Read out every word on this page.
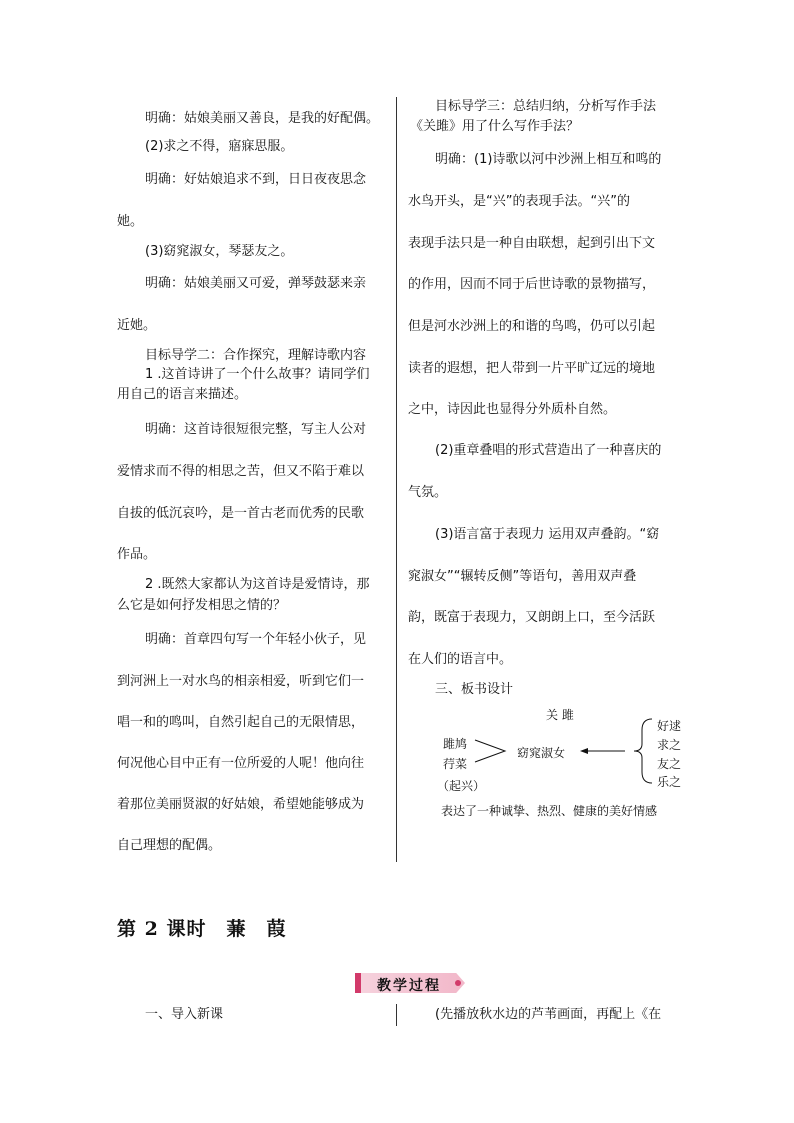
明确：姑娘美丽又善良，是我的好配偶。
(2)求之不得，寤寐思服。
明确：好姑娘追求不到，日日夜夜思念
她。
(3)窈窕淑女，琴瑟友之。
明确：姑娘美丽又可爱，弹琴鼓瑟来亲
近她。
目标导学二：合作探究，理解诗歌内容
1 .这首诗讲了一个什么故事？请同学们
用自己的语言来描述。
明确：这首诗很短很完整，写主人公对
爱情求而不得的相思之苦，但又不陷于难以
自拔的低沉哀吟，是一首古老而优秀的民歌
作品。
2 .既然大家都认为这首诗是爱情诗，那
么它是如何抒发相思之情的？
明确：首章四句写一个年轻小伙子，见
到河洲上一对水鸟的相亲相爱，听到它们一
唱一和的鸣叫，自然引起自己的无限情思，
何况他心目中正有一位所爱的人呢！他向往
着那位美丽贤淑的好姑娘，希望她能够成为
自己理想的配偶。
目标导学三：总结归纳，分析写作手法
《关雎》用了什么写作手法？
明确：(1)诗歌以河中沙洲上相互和鸣的
水鸟开头，是“兴”的表现手法。“兴”的
表现手法只是一种自由联想，起到引出下文
的作用，因而不同于后世诗歌的景物描写，
但是河水沙洲上的和谐的鸟鸣，仍可以引起
读者的遐想，把人带到一片平旷辽远的境地
之中，诗因此也显得分外质朴自然。
(2)重章叠唱的形式营造出了一种喜庆的
气氛。
(3)语言富于表现力 运用双声叠韵。“窈
窕淑女”“辗转反侧”等语句，善用双声叠
韵，既富于表现力，又朗朗上口，至今活跃
在人们的语言中。
三、板书设计
关 雎
雎鸠
荇菜
（起兴）
窈窕淑女
好逑
求之
友之
乐之
表达了一种诚挚、热烈、健康的美好情感
第 2 课时　蒹　葭
教学过程
一、导入新课	(先播放秋水边的芦苇画面，再配上《在
